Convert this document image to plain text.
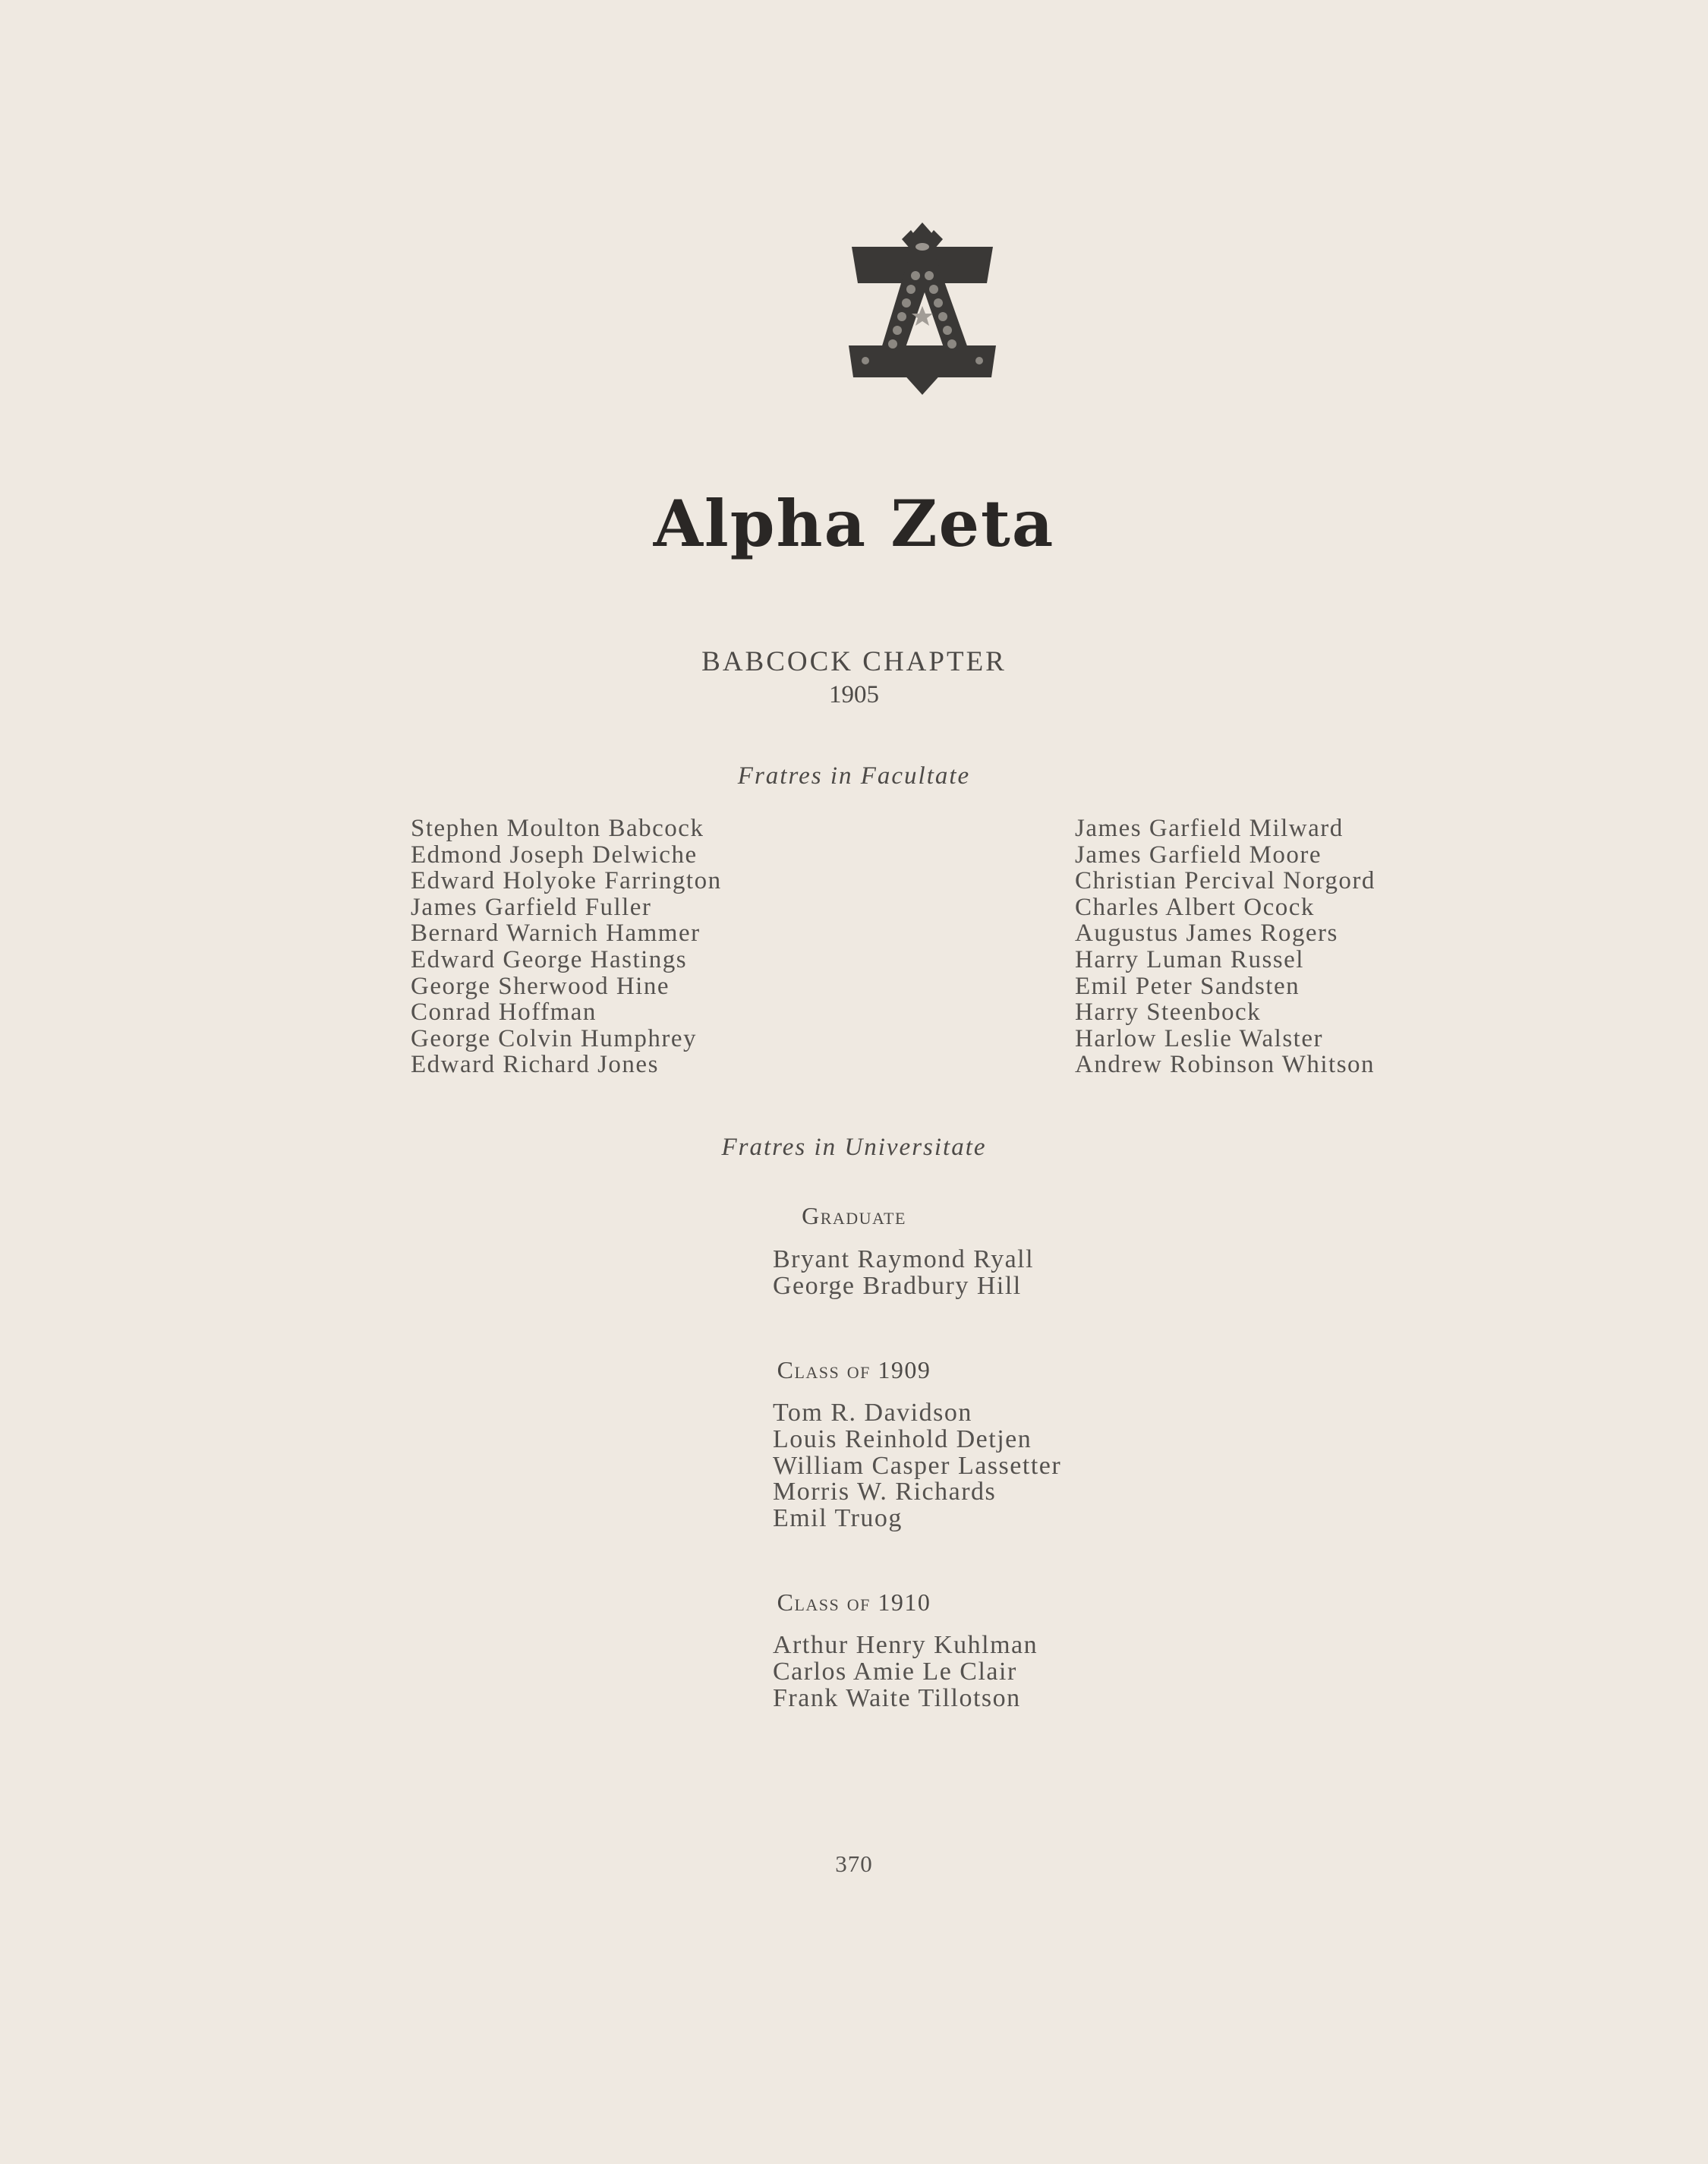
Alpha Zeta
BABCOCK CHAPTER
1905
Fratres in Facultate
Stephen Moulton Babcock
Edmond Joseph Delwiche
Edward Holyoke Farrington
James Garfield Fuller
Bernard Warnich Hammer
Edward George Hastings
George Sherwood Hine
Conrad Hoffman
George Colvin Humphrey
Edward Richard Jones
James Garfield Milward
James Garfield Moore
Christian Percival Norgord
Charles Albert Ocock
Augustus James Rogers
Harry Luman Russel
Emil Peter Sandsten
Harry Steenbock
Harlow Leslie Walster
Andrew Robinson Whitson
Fratres in Universitate
Graduate
Bryant Raymond Ryall
George Bradbury Hill
Class of 1909
Tom R. Davidson
Louis Reinhold Detjen
William Casper Lassetter
Morris W. Richards
Emil Truog
Class of 1910
Arthur Henry Kuhlman
Carlos Amie Le Clair
Frank Waite Tillotson
370
